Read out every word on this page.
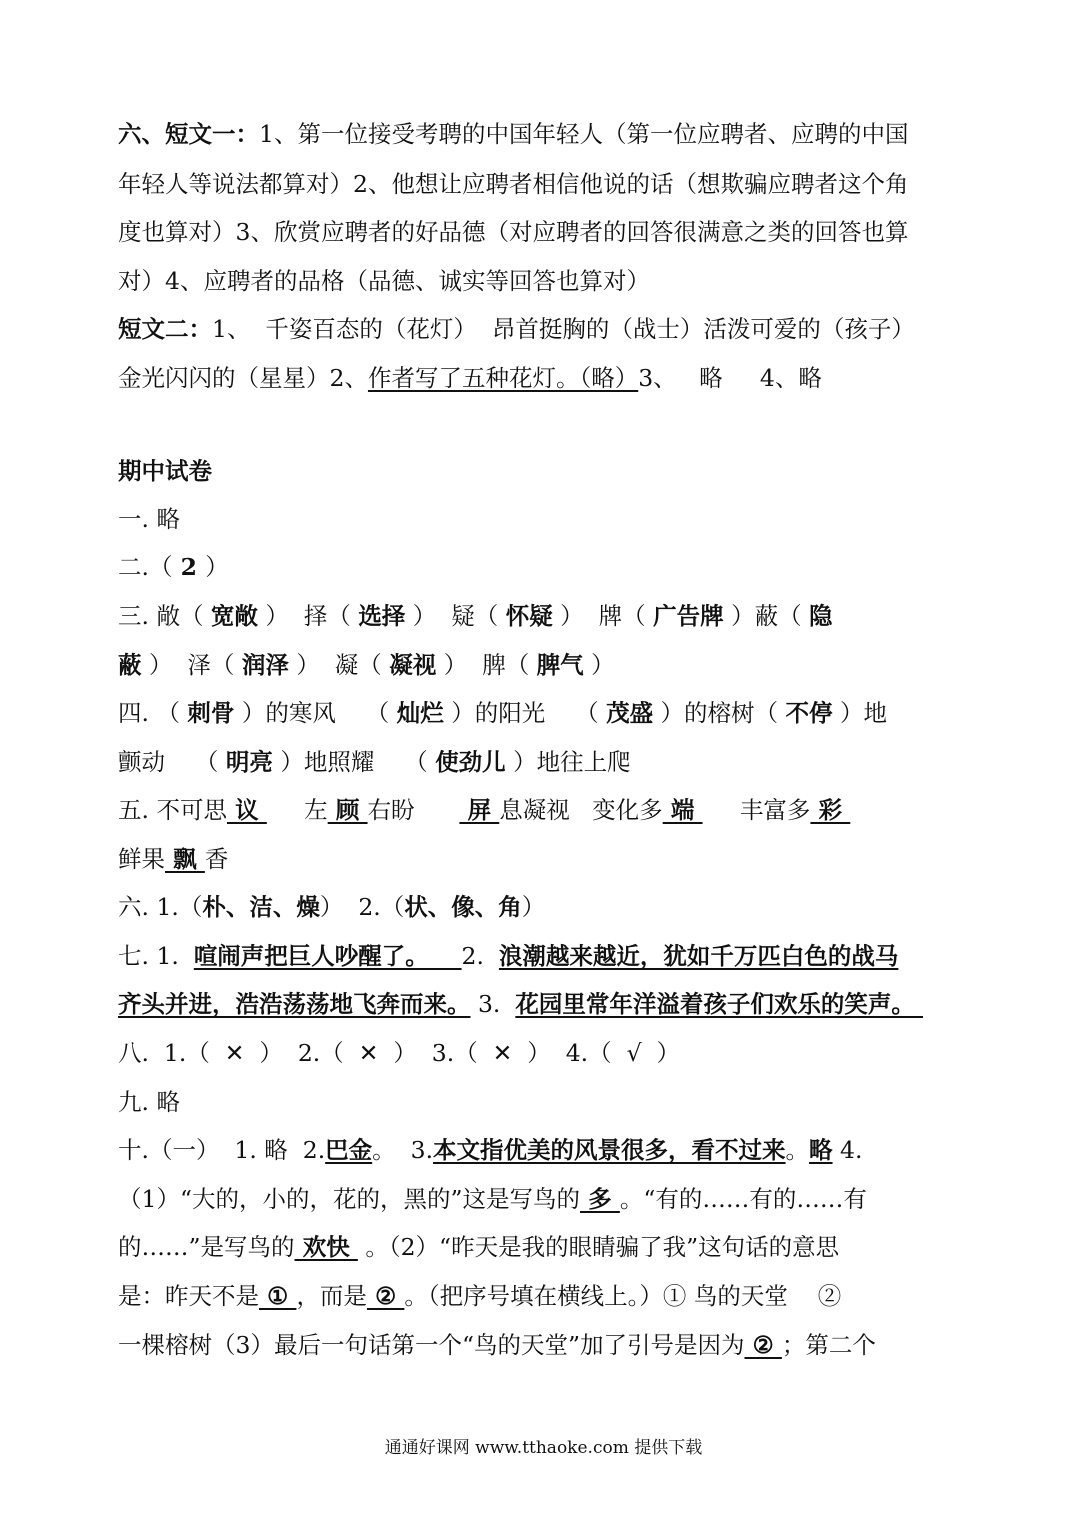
六、短文一：1、第一位接受考聘的中国年轻人（第一位应聘者、应聘的中国
年轻人等说法都算对）2、他想让应聘者相信他说的话（想欺骗应聘者这个角
度也算对）3、欣赏应聘者的好品德（对应聘者的回答很满意之类的回答也算
对）4、应聘者的品格（品德、诚实等回答也算对）
短文二：1、  千姿百态的（花灯）  昂首挺胸的（战士）活泼可爱的（孩子）
金光闪闪的（星星）2、作者写了五种花灯。（略）3、   略     4、略
期中试卷
一. 略
二.（ 2 ）
三. 敞（ 宽敞 ）  择（ 选择 ）  疑（ 怀疑 ）  牌（ 广告牌 ）蔽（ 隐
蔽 ）  泽（ 润泽 ）  凝（ 凝视 ）  脾（ 脾气 ）
四. （ 刺骨 ）的寒风    （ 灿烂 ）的阳光    （ 茂盛 ）的榕树（ 不停 ）地
颤动    （ 明亮 ）地照耀    （ 使劲儿 ）地往上爬
五. 不可思 议      左 顾 右盼       屏 息凝视   变化多 端      丰富多 彩
鲜果 飘 香
六. 1.（朴、洁、燥）  2.（状、像、角）
七. 1.  喧闹声把巨人吵醒了。    2.  浪潮越来越近，犹如千万匹白色的战马
齐头并进，浩浩荡荡地飞奔而来。 3.  花园里常年洋溢着孩子们欢乐的笑声。
八.  1.（  ✕  ）  2.（  ✕  ）  3.（  ✕  ）  4.（  √  ）
九. 略
十.（一）  1. 略  2.巴金。  3.本文指优美的风景很多，看不过来。略 4.
（1）“大的，小的，花的，黑的”这是写鸟的 多 。“有的……有的……有
的……”是写鸟的 欢快  。（2）“昨天是我的眼睛骗了我”这句话的意思
是：昨天不是 ① ，而是 ② 。（把序号填在横线上。）① 鸟的天堂    ②
一棵榕树（3）最后一句话第一个“鸟的天堂”加了引号是因为 ② ；第二个
通通好课网 www.tthaoke.com 提供下载
